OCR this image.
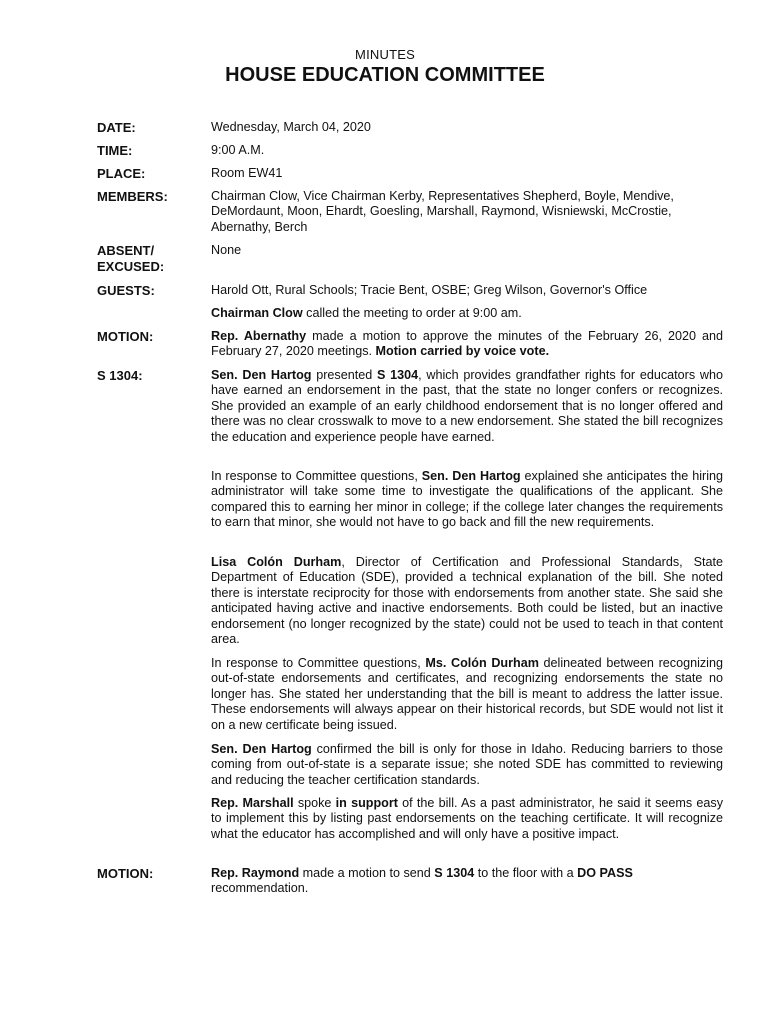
MINUTES
HOUSE EDUCATION COMMITTEE
DATE:	Wednesday, March 04, 2020
TIME:	9:00 A.M.
PLACE:	Room EW41
MEMBERS:	Chairman Clow, Vice Chairman Kerby, Representatives Shepherd, Boyle, Mendive, DeMordaunt, Moon, Ehardt, Goesling, Marshall, Raymond, Wisniewski, McCrostie, Abernathy, Berch
ABSENT/
EXCUSED:
None
GUESTS:	Harold Ott, Rural Schools; Tracie Bent, OSBE; Greg Wilson, Governor's Office
Chairman Clow called the meeting to order at 9:00 am.
MOTION:	Rep. Abernathy made a motion to approve the minutes of the February 26, 2020 and February 27, 2020 meetings. Motion carried by voice vote.
S 1304:	Sen. Den Hartog presented S 1304, which provides grandfather rights for educators who have earned an endorsement in the past, that the state no longer confers or recognizes. She provided an example of an early childhood endorsement that is no longer offered and there was no clear crosswalk to move to a new endorsement. She stated the bill recognizes the education and experience people have earned.
In response to Committee questions, Sen. Den Hartog explained she anticipates the hiring administrator will take some time to investigate the qualifications of the applicant. She compared this to earning her minor in college; if the college later changes the requirements to earn that minor, she would not have to go back and fill the new requirements.
Lisa Colón Durham, Director of Certification and Professional Standards, State Department of Education (SDE), provided a technical explanation of the bill. She noted there is interstate reciprocity for those with endorsements from another state. She said she anticipated having active and inactive endorsements. Both could be listed, but an inactive endorsement (no longer recognized by the state) could not be used to teach in that content area.
In response to Committee questions, Ms. Colón Durham delineated between recognizing out-of-state endorsements and certificates, and recognizing endorsements the state no longer has. She stated her understanding that the bill is meant to address the latter issue. These endorsements will always appear on their historical records, but SDE would not list it on a new certificate being issued.
Sen. Den Hartog confirmed the bill is only for those in Idaho. Reducing barriers to those coming from out-of-state is a separate issue; she noted SDE has committed to reviewing and reducing the teacher certification standards.
Rep. Marshall spoke in support of the bill. As a past administrator, he said it seems easy to implement this by listing past endorsements on the teaching certificate. It will recognize what the educator has accomplished and will only have a positive impact.
MOTION:	Rep. Raymond made a motion to send S 1304 to the floor with a DO PASS recommendation.
